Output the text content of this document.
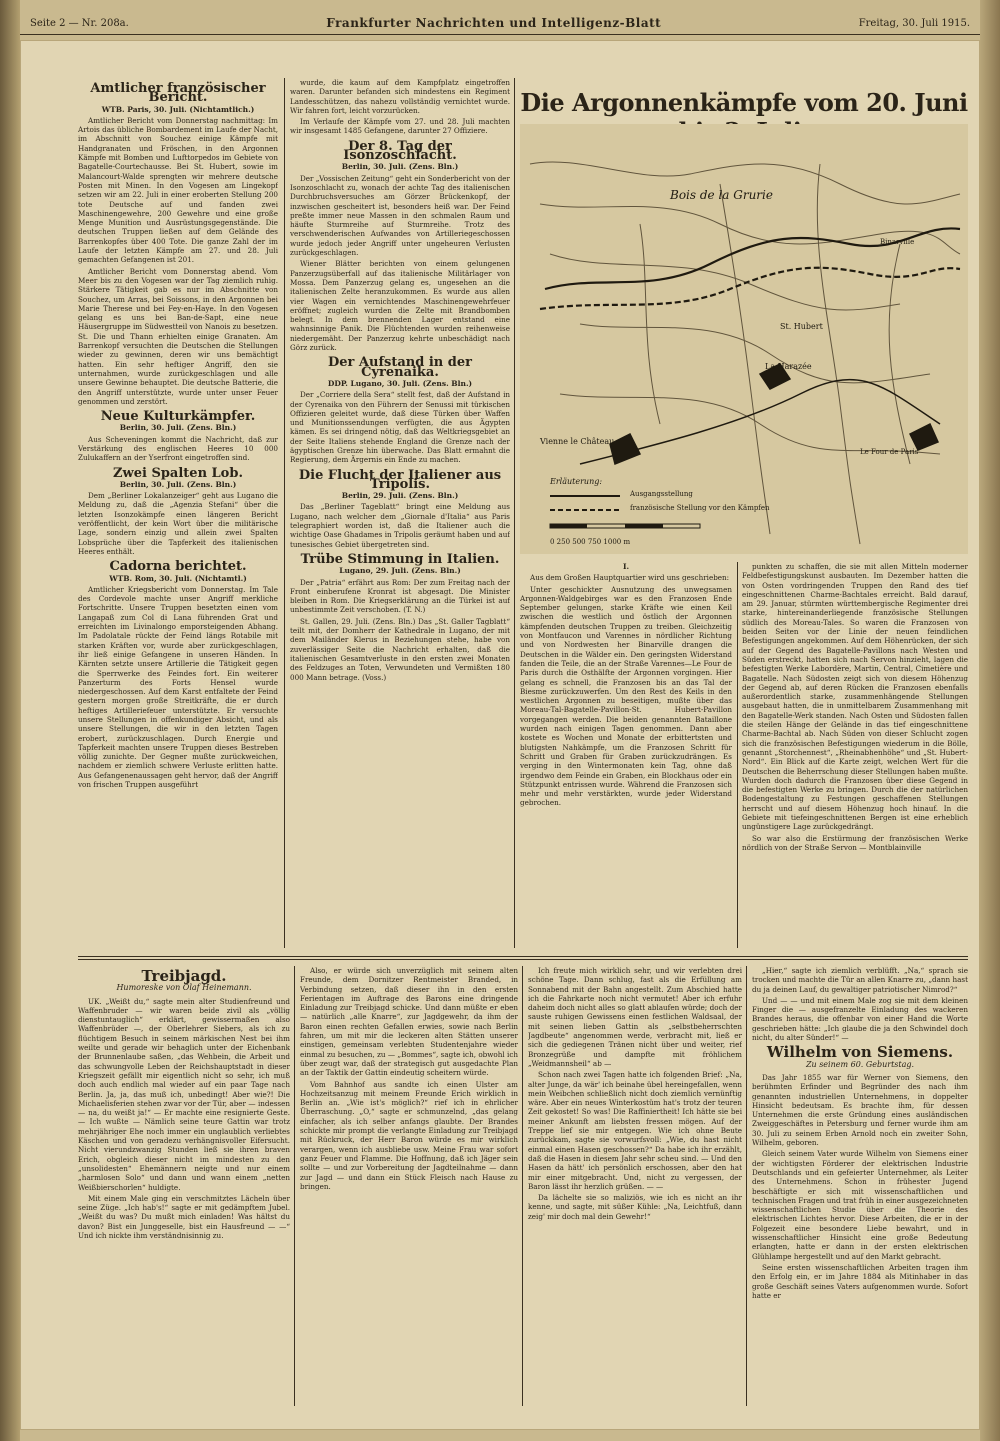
Seite 2 — Nr. 208a.	Frankfurter Nachrichten und Intelligenz-Blatt	Freitag, 30. Juli 1915.
Amtlicher französischer Bericht.
WTB. Paris, 30. Juli. (Nichtamtlich.)

Amtlicher Bericht vom Donnerstag nachmittag: Im Artois das übliche Bombardement im Laufe der Nacht, im Abschnitt von Souchez einige Kämpfe mit Handgranaten und Fröschen, in den Argonnen Kämpfe mit Bomben und Lufttorpedos im Gebiete von Bagatelle-Courtechausse. Bei St. Hubert, sowie im Malancourt-Walde sprengten wir mehrere deutsche Posten mit Minen. In den Vogesen am Lingekopf setzen wir am 22. Juli in einer eroberten Stellung 200 tote Deutsche auf und fanden zwei Maschinengewehre, 200 Gewehre und eine große Menge Munition und Ausrüstungsgegenstände. Die deutschen Truppen ließen auf dem Gelände des Barrenkopfes über 400 Tote. Die ganze Zahl der im Laufe der letzten Kämpfe am 27. und 28. Juli gemachten Gefangenen ist 201.

Amtlicher Bericht vom Donnerstag abend. Vom Meer bis zu den Vogesen war der Tag ziemlich ruhig. Stärkere Tätigkeit gab es nur im Abschnitte von Souchez, um Arras, bei Soissons, in den Argonnen bei Marie Therese und bei Fey-en-Haye. In den Vogesen gelang es uns bei Ban-de-Sapt, eine neue Häusergruppe im Südwestteil von Nanois zu besetzen. St. Die und Thann erhielten einige Granaten. Am Barrenkopf versuchten die Deutschen die Stellungen wieder zu gewinnen, deren wir uns bemächtigt hatten. Ein sehr heftiger Angriff, den sie unternahmen, wurde zurückgeschlagen und alle unsere Gewinne behauptet. Die deutsche Batterie, die den Angriff unterstützte, wurde unter unser Feuer genommen und zerstört.

Neue Kulturkämpfer.
Berlin, 30. Juli. (Zens. Bln.)

Aus Scheveningen kommt die Nachricht, daß zur Verstärkung des englischen Heeres 10 000 Zulukaffern an der Yserfront eingetroffen sind.

Zwei Spalten Lob.
Berlin, 30. Juli. (Zens. Bln.)

Dem „Berliner Lokalanzeiger“ geht aus Lugano die Meldung zu, daß die „Agenzia Stefani“ über die letzten Isonzokämpfe einen längeren Bericht veröffentlicht, der kein Wort über die militärische Lage, sondern einzig und allein zwei Spalten Lobsprüche über die Tapferkeit des italienischen Heeres enthält.

Cadorna berichtet.
WTB. Rom, 30. Juli. (Nichtamtl.)

Amtlicher Kriegsbericht vom Donnerstag. Im Tale des Cordevole machte unser Angriff merkliche Fortschritte. Unsere Truppen besetzten einen vom Langapaß zum Col di Lana führenden Grat und erreichten im Livinalongo emporsteigenden Abhang. Im Padolatale rückte der Feind längs Rotabile mit starken Kräften vor, wurde aber zurückgeschlagen, ihr ließ einige Gefangene in unseren Händen. In Kärnten setzte unsere Artillerie die Tätigkeit gegen die Sperrwerke des Feindes fort. Ein weiterer Panzerturm des Forts Hensel wurde niedergeschossen. Auf dem Karst entfaltete der Feind gestern morgen große Streitkräfte, die er durch heftiges Artilleriefeuer unterstützte. Er versuchte unsere Stellungen in offenkundiger Absicht, und als unsere Stellungen, die wir in den letzten Tagen erobert, zurückzuschlagen. Durch Energie und Tapferkeit machten unsere Truppen dieses Bestreben völlig zunichte. Der Gegner mußte zurückweichen, nachdem er ziemlich schwere Verluste erlitten hatte. Aus Gefangenenaussagen geht hervor, daß der Angriff von frischen Truppen ausgeführt

wurde, die kaum auf dem Kampfplatz eingetroffen waren. Darunter befanden sich mindestens ein Regiment Landesschützen, das nahezu vollständig vernichtet wurde. Wir fahren fort, leicht vorzurücken.

Im Verlaufe der Kämpfe vom 27. und 28. Juli machten wir insgesamt 1485 Gefangene, darunter 27 Offiziere.

Der 8. Tag der Isonzoschlacht.
Berlin, 30. Juli. (Zens. Bln.)

Der „Vossischen Zeitung“ geht ein Sonderbericht von der Isonzoschlacht zu, wonach der achte Tag des italienischen Durchbruchsversuches am Görzer Brückenkopf, der inzwischen gescheitert ist, besonders heiß war. Der Feind preßte immer neue Massen in den schmalen Raum und häufte Sturmreihe auf Sturmreihe. Trotz des verschwenderischen Aufwandes von Artilleriegeschossen wurde jedoch jeder Angriff unter ungeheuren Verlusten zurückgeschlagen.

Wiener Blätter berichten von einem gelungenen Panzerzugsüberfall auf das italienische Militärlager von Mossa. Dem Panzerzug gelang es, ungesehen an die italienischen Zelte heranzukommen. Es wurde aus allen vier Wagen ein vernichtendes Maschinengewehrfeuer eröffnet; zugleich wurden die Zelte mit Brandbomben belegt. In dem brennenden Lager entstand eine wahnsinnige Panik. Die Flüchtenden wurden reihenweise niedergemäht. Der Panzerzug kehrte unbeschädigt nach Görz zurück.

Der Aufstand in der Cyrenaika.
DDP. Lugano, 30. Juli. (Zens. Bln.)

Der „Corriere della Sera“ stellt fest, daß der Aufstand in der Cyrenaika von den Führern der Senussi mit türkischen Offizieren geleitet wurde, daß diese Türken über Waffen und Munitionssendungen verfügten, die aus Ägypten kämen. Es sei dringend nötig, daß das Weltkriegsgebiet an der Seite Italiens stehende England die Grenze nach der ägyptischen Grenze hin überwache. Das Blatt ermahnt die Regierung, dem Ärgernis ein Ende zu machen.

Die Flucht der Italiener aus Tripolis.
Berlin, 29. Juli. (Zens. Bln.)

Das „Berliner Tageblatt“ bringt eine Meldung aus Lugano, nach welcher dem „Giornale d'Italia“ aus Paris telegraphiert worden ist, daß die Italiener auch die wichtige Oase Ghadames in Tripolis geräumt haben und auf tunesisches Gebiet übergetreten sind.

Trübe Stimmung in Italien.
Lugano, 29. Juli. (Zens. Bln.)

Der „Patria“ erfährt aus Rom: Der zum Freitag nach der Front einberufene Kronrat ist abgesagt. Die Minister bleiben in Rom. Die Kriegserklärung an die Türkei ist auf unbestimmte Zeit verschoben. (T. N.)

St. Gallen, 29. Juli. (Zens. Bln.) Das „St. Galler Tagblatt“ teilt mit, der Domherr der Kathedrale in Lugano, der mit dem Mailänder Klerus in Beziehungen stehe, habe von zuverlässiger Seite die Nachricht erhalten, daß die italienischen Gesamtverluste in den ersten zwei Monaten des Feldzuges an Toten, Verwundeten und Vermißten 180 000 Mann betrage. (Voss.)

Die Argonnenkämpfe vom 20. Juni
Bois de la Grurie
St. Hubert
Binarville
La Harazée
Vienne le Château
Le Four de Paris
Erläuterung:
Ausgangsstellung
französische Stellung vor den Kämpfen
0 250 500 750 1000 m
I.

Aus dem Großen Hauptquartier wird uns geschrieben:

Unter geschickter Ausnutzung des unwegsamen Argonnen-Waldgebirges war es den Franzosen Ende September gelungen, starke Kräfte wie einen Keil zwischen die westlich und östlich der Argonnen kämpfenden deutschen Truppen zu treiben. Gleichzeitig von Montfaucon und Varennes in nördlicher Richtung und von Nordwesten her Binarville drangen die Deutschen in die Wälder ein. Den geringsten Widerstand fanden die Teile, die an der Straße Varennes—Le Four de Paris durch die Osthälfte der Argonnen vorgingen. Hier gelang es schnell, die Franzosen bis an das Tal der Biesme zurückzuwerfen. Um den Rest des Keils in den westlichen Argonnen zu beseitigen, mußte über das Moreau-Tal-Bagatelle-Pavillon-St. Hubert-Pavillon vorgegangen werden. Die beiden genannten Bataillone wurden nach einigen Tagen genommen. Dann aber kostete es Wochen und Monate der erbittertsten und blutigsten Nahkämpfe, um die Franzosen Schritt für Schritt und Graben für Graben zurückzudrängen. Es verging in den Wintermonaten kein Tag, ohne daß irgendwo dem Feinde ein Graben, ein Blockhaus oder ein Stützpunkt entrissen wurde. Während die Franzosen sich mehr und mehr verstärkten, wurde jeder Widerstand gebrochen.

punkten zu schaffen, die sie mit allen Mitteln moderner Feldbefestigungskunst ausbauten. Im Dezember hatten die von Osten vordringenden Truppen den Rand des tief eingeschnittenen Charme-Bachtales erreicht. Bald darauf, am 29. Januar, stürmten württembergische Regimenter drei starke, hintereinanderliegende französische Stellungen südlich des Moreau-Tales. So waren die Franzosen von beiden Seiten vor der Linie der neuen feindlichen Befestigungen angekommen. Auf dem Höhenrücken, der sich auf der Gegend des Bagatelle-Pavillons nach Westen und Süden erstreckt, hatten sich nach Servon hinzieht, lagen die befestigten Werke Labordère, Martin, Central, Cimetière und Bagatelle. Nach Südosten zeigt sich von diesem Höhenzug der Gegend ab, auf deren Rücken die Franzosen ebenfalls außerordentlich starke, zusammenhängende Stellungen ausgebaut hatten, die in unmittelbarem Zusammenhang mit den Bagatelle-Werk standen. Nach Osten und Südosten fallen die steilen Hänge der Gelände in das tief eingeschnittene Charme-Bachtal ab. Nach Süden von dieser Schlucht zogen sich die französischen Befestigungen wiederum in die Bölle, genannt „Storchennest“, „Rheinabhenhöhe“ und „St. Hubert-Nord“. Ein Blick auf die Karte zeigt, welchen Wert für die Deutschen die Beherrschung dieser Stellungen haben mußte. Wurden doch dadurch die Franzosen über diese Gegend in die befestigten Werke zu bringen. Durch die der natürlichen Bodengestaltung zu Festungen geschaffenen Stellungen herrscht und auf diesem Höhenzug hoch hinauf. In die Gebiete mit tiefeingeschnittenen Bergen ist eine erheblich ungünstigere Lage zurückgedrängt.

So war also die Erstürmung der französischen Werke nördlich von der Straße Servon — Montblainville

Treibjagd.
Humoreske von Olaf Heinemann.

UK. „Weißt du,“ sagte mein alter Studienfreund und Waffenbruder — wir waren beide zivil als „völlig dienstuntauglich“ erklärt, gewissermaßen also Waffenbrüder —, der Oberlehrer Siebers, als ich zu flüchtigem Besuch in seinem märkischen Nest bei ihm weilte und gerade wir behaglich unter der Eichenbank der Brunnenlaube saßen, „das Wehbein, die Arbeit und das schwungvolle Leben der Reichshauptstadt in dieser Kriegszeit gefällt mir eigentlich nicht so sehr, ich muß doch auch endlich mal wieder auf ein paar Tage nach Berlin. Ja, ja, das muß ich, unbedingt! Aber wie?! Die Michaelisferien stehen zwar vor der Tür, aber — indessen — na, du weißt ja!“ — Er machte eine resignierte Geste. — Ich wußte — Nämlich seine teure Gattin war trotz mehrjähriger Ehe noch immer ein unglaublich verliebtes Käschen und von geradezu verhängnisvoller Eifersucht. Nicht vierundzwanzig Stunden ließ sie ihren braven Erich, obgleich dieser nicht im mindesten zu den „unsolidesten“ Ehemännern neigte und nur einem „harmlosen Solo“ und dann und wann einem „netten Weißbierschorlen“ huldigte.

Mit einem Male ging ein verschmitztes Lächeln über seine Züge. „Ich hab's!“ sagte er mit gedämpftem Jubel. „Weißt du was? Du mußt mich einladen! Was hältst du davon? Bist ein Junggeselle, bist ein Hausfreund — —“ Und ich nickte ihm verständnisinnig zu.

Also, er würde sich unverzüglich mit seinem alten Freunde, dem Dornitzer Rentmeister Branded, in Verbindung setzen, daß dieser ihn in den ersten Ferientagen im Auftrage des Barons eine dringende Einladung zur Treibjagd schicke. Und dann müßte er eben — natürlich „alle Knarre“, zur Jagdgewehr, da ihm der Baron einen rechten Gefallen erwies, sowie nach Berlin fahren, um mit mir die leckeren alten Stätten unserer einstigen, gemeinsam verlebten Studentenjahre wieder einmal zu besuchen, zu — „Bommes“, sagte ich, obwohl ich über zeugt war, daß der strategisch gut ausgedachte Plan an der Taktik der Gattin eindeutig scheitern würde.

Vom Bahnhof aus sandte ich einen Ulster am Hochzeitsanzug mit meinem Freunde Erich wirklich in Berlin an. „Wie ist's möglich?“ rief ich in ehrlicher Überraschung. „O,“ sagte er schmunzelnd, „das gelang einfacher, als ich selber anfangs glaubte. Der Brandes schickte mir prompt die verlangte Einladung zur Treibjagd mit Rückruck, der Herr Baron würde es mir wirklich verargen, wenn ich ausbliebe usw. Meine Frau war sofort ganz Feuer und Flamme. Die Hoffnung, daß ich Jäger sein sollte — und zur Vorbereitung der Jagdteilnahme — dann zur Jagd — und dann ein Stück Fleisch nach Hause zu bringen.

Ich freute mich wirklich sehr, und wir verlebten drei schöne Tage. Dann schlug, fast als die Erfüllung am Sonnabend mit der Bahn angestellt. Zum Abschied hatte ich die Fahrkarte noch nicht vermutet! Aber ich erfuhr daheim doch nicht alles so glatt ablaufen würde; doch der sauste ruhigen Gewissens einen festlichen Waldsaal, der mit seinen lieben Gattin als „selbstbeherrschten Jagdbeute“ angenommen werde, verbracht mit, ließ er sich die gediegenen Tränen nicht über und weiter, rief Bronzegrüße und dampfte mit fröhlichem „Weidmannsheil“ ab —

Schon nach zwei Tagen hatte ich folgenden Brief: „Na, alter Junge, da wär' ich beinahe übel hereingefallen, wenn mein Weibchen schließlich nicht doch ziemlich vernünftig wäre. Aber ein neues Winterkostüm hat's trotz der teuren Zeit gekostet! So was! Die Raffiniertheit! Ich hätte sie bei meiner Ankunft am liebsten fressen mögen. Auf der Treppe lief sie mir entgegen. Wie ich ohne Beute zurückkam, sagte sie vorwurfsvoll: „Wie, du hast nicht einmal einen Hasen geschossen?“ Da habe ich ihr erzählt, daß die Hasen in diesem Jahr sehr scheu sind. — Und den Hasen da hätt' ich persönlich erschossen, aber den hat mir einer mitgebracht. Und, nicht zu vergessen, der Baron lässt ihr herzlich grüßen. — —

Da lächelte sie so maliziös, wie ich es nicht an ihr kenne, und sagte, mit süßer Kühle: „Na, Leichtfuß, dann zeig' mir doch mal dein Gewehr!“

„Hier,“ sagte ich ziemlich verblüfft. „Na,“ sprach sie trocken und machte die Tür an allen Knarre zu, „dann hast du ja deinen Lauf, du gewaltiger patriotischer Nimrod?“

Und — — und mit einem Male zog sie mit dem kleinen Finger die — ausgefranzelte Einladung des wackeren Brandes heraus, die offenbar von einer Hand die Worte geschrieben hätte: „Ich glaube die ja den Schwindel doch nicht, du alter Sünder!“ —

Wilhelm von Siemens.
Zu seinem 60. Geburtstag.

Das Jahr 1855 war für Werner von Siemens, den berühmten Erfinder und Begründer des nach ihm genannten industriellen Unternehmens, in doppelter Hinsicht bedeutsam. Es brachte ihm, für dessen Unternehmen die erste Gründung eines ausländischen Zweiggeschäftes in Petersburg und ferner wurde ihm am 30. Juli zu seinem Erben Arnold noch ein zweiter Sohn, Wilhelm, geboren.

Gleich seinem Vater wurde Wilhelm von Siemens einer der wichtigsten Förderer der elektrischen Industrie Deutschlands und ein gefeierter Unternehmer, als Leiter des Unternehmens. Schon in frühester Jugend beschäftigte er sich mit wissenschaftlichen und technischen Fragen und trat früh in einer ausgezeichneten wissenschaftlichen Studie über die Theorie des elektrischen Lichtes hervor. Diese Arbeiten, die er in der Folgezeit eine besondere Liebe bewahrt, und in wissenschaftlicher Hinsicht eine große Bedeutung erlangten, hatte er dann in der ersten elektrischen Glühlampe hergestellt und auf den Markt gebracht.

Seine ersten wissenschaftlichen Arbeiten tragen ihm den Erfolg ein, er im Jahre 1884 als Mitinhaber in das große Geschäft seines Vaters aufgenommen wurde. Sofort hatte er
